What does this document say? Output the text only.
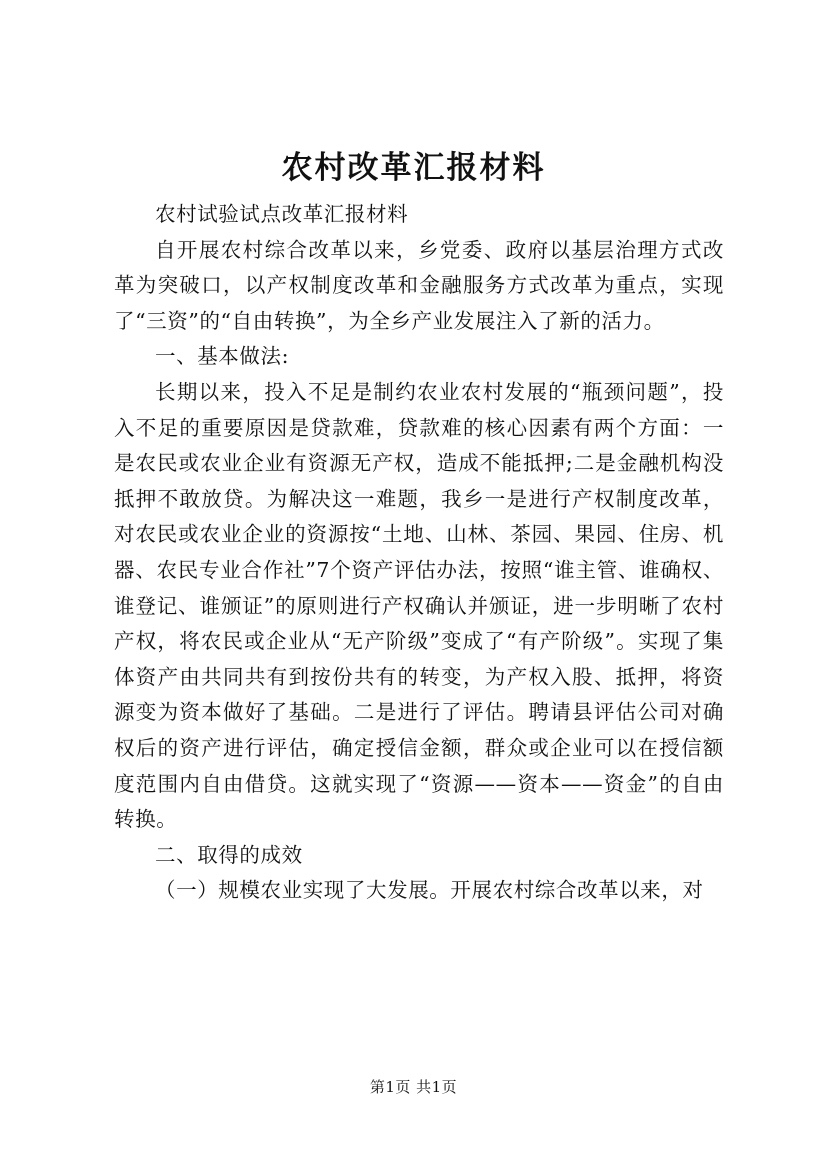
农村改革汇报材料

农村试验试点改革汇报材料

自开展农村综合改革以来，乡党委、政府以基层治理方式改革为突破口，以产权制度改革和金融服务方式改革为重点，实现了“三资”的“自由转换”，为全乡产业发展注入了新的活力。

一、基本做法:

长期以来，投入不足是制约农业农村发展的“瓶颈问题”，投入不足的重要原因是贷款难，贷款难的核心因素有两个方面：一是农民或农业企业有资源无产权，造成不能抵押;二是金融机构没抵押不敢放贷。为解决这一难题，我乡一是进行产权制度改革，对农民或农业企业的资源按“土地、山林、茶园、果园、住房、机器、农民专业合作社”7个资产评估办法，按照“谁主管、谁确权、谁登记、谁颁证”的原则进行产权确认并颁证，进一步明晰了农村产权，将农民或企业从“无产阶级”变成了“有产阶级”。实现了集体资产由共同共有到按份共有的转变，为产权入股、抵押，将资源变为资本做好了基础。二是进行了评估。聘请县评估公司对确权后的资产进行评估，确定授信金额，群众或企业可以在授信额度范围内自由借贷。这就实现了“资源——资本——资金”的自由转换。

二、取得的成效

（一）规模农业实现了大发展。开展农村综合改革以来，对

第1页 共1页
